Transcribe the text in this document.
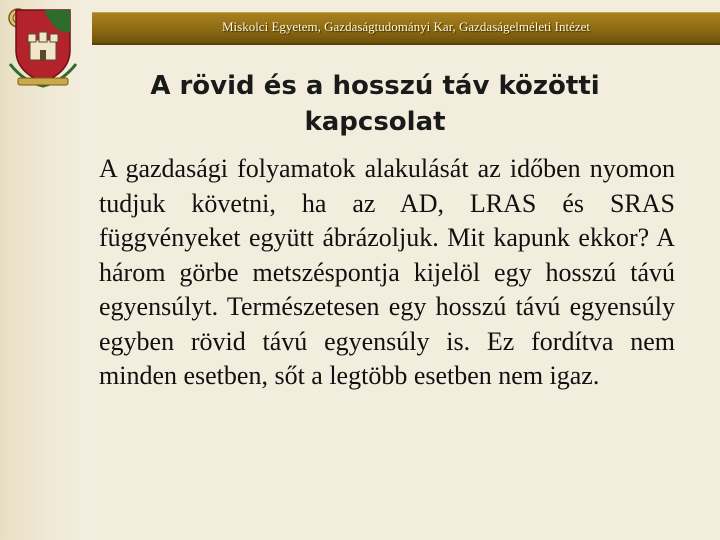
Miskolci Egyetem, Gazdaságtudományi Kar, Gazdaságelméleti Intézet
A rövid és a hosszú táv közötti kapcsolat
A gazdasági folyamatok alakulását az időben nyomon tudjuk követni, ha az AD, LRAS és SRAS függvényeket együtt ábrázoljuk. Mit kapunk ekkor? A három görbe metszéspontja kijelöl egy hosszú távú egyensúlyt. Természetesen egy hosszú távú egyensúly egyben rövid távú egyensúly is. Ez fordítva nem minden esetben, sőt a legtöbb esetben nem igaz.
